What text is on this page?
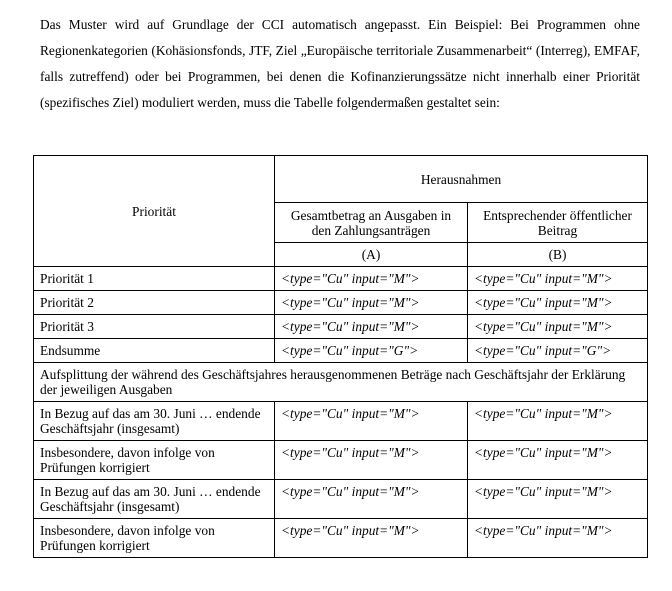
Das Muster wird auf Grundlage der CCI automatisch angepasst. Ein Beispiel: Bei Programmen ohne Regionenkategorien (Kohäsionsfonds, JTF, Ziel „Europäische territoriale Zusammenarbeit“ (Interreg), EMFAF, falls zutreffend) oder bei Programmen, bei denen die Kofinanzierungssätze nicht innerhalb einer Priorität (spezifisches Ziel) moduliert werden, muss die Tabelle folgendermaßen gestaltet sein:

Priorität	Herausnahmen	
	Gesamtbetrag an Ausgaben in den Zahlungsanträgen	Entsprechender öffentlicher Beitrag
	(A)	(B)
Priorität 1	<type="Cu" input="M">	<type="Cu" input="M">
Priorität 2	<type="Cu" input="M">	<type="Cu" input="M">
Priorität 3	<type="Cu" input="M">	<type="Cu" input="M">
Endsumme	<type="Cu" input="G">	<type="Cu" input="G">
Aufsplittung der während des Geschäftsjahres herausgenommenen Beträge nach Geschäftsjahr der Erklärung der jeweiligen Ausgaben		
In Bezug auf das am 30. Juni … endende Geschäftsjahr (insgesamt)	<type="Cu" input="M">	<type="Cu" input="M">
Insbesondere, davon infolge von Prüfungen korrigiert	<type="Cu" input="M">	<type="Cu" input="M">
In Bezug auf das am 30. Juni … endende Geschäftsjahr (insgesamt)	<type="Cu" input="M">	<type="Cu" input="M">
Insbesondere, davon infolge von Prüfungen korrigiert	<type="Cu" input="M">	<type="Cu" input="M">
